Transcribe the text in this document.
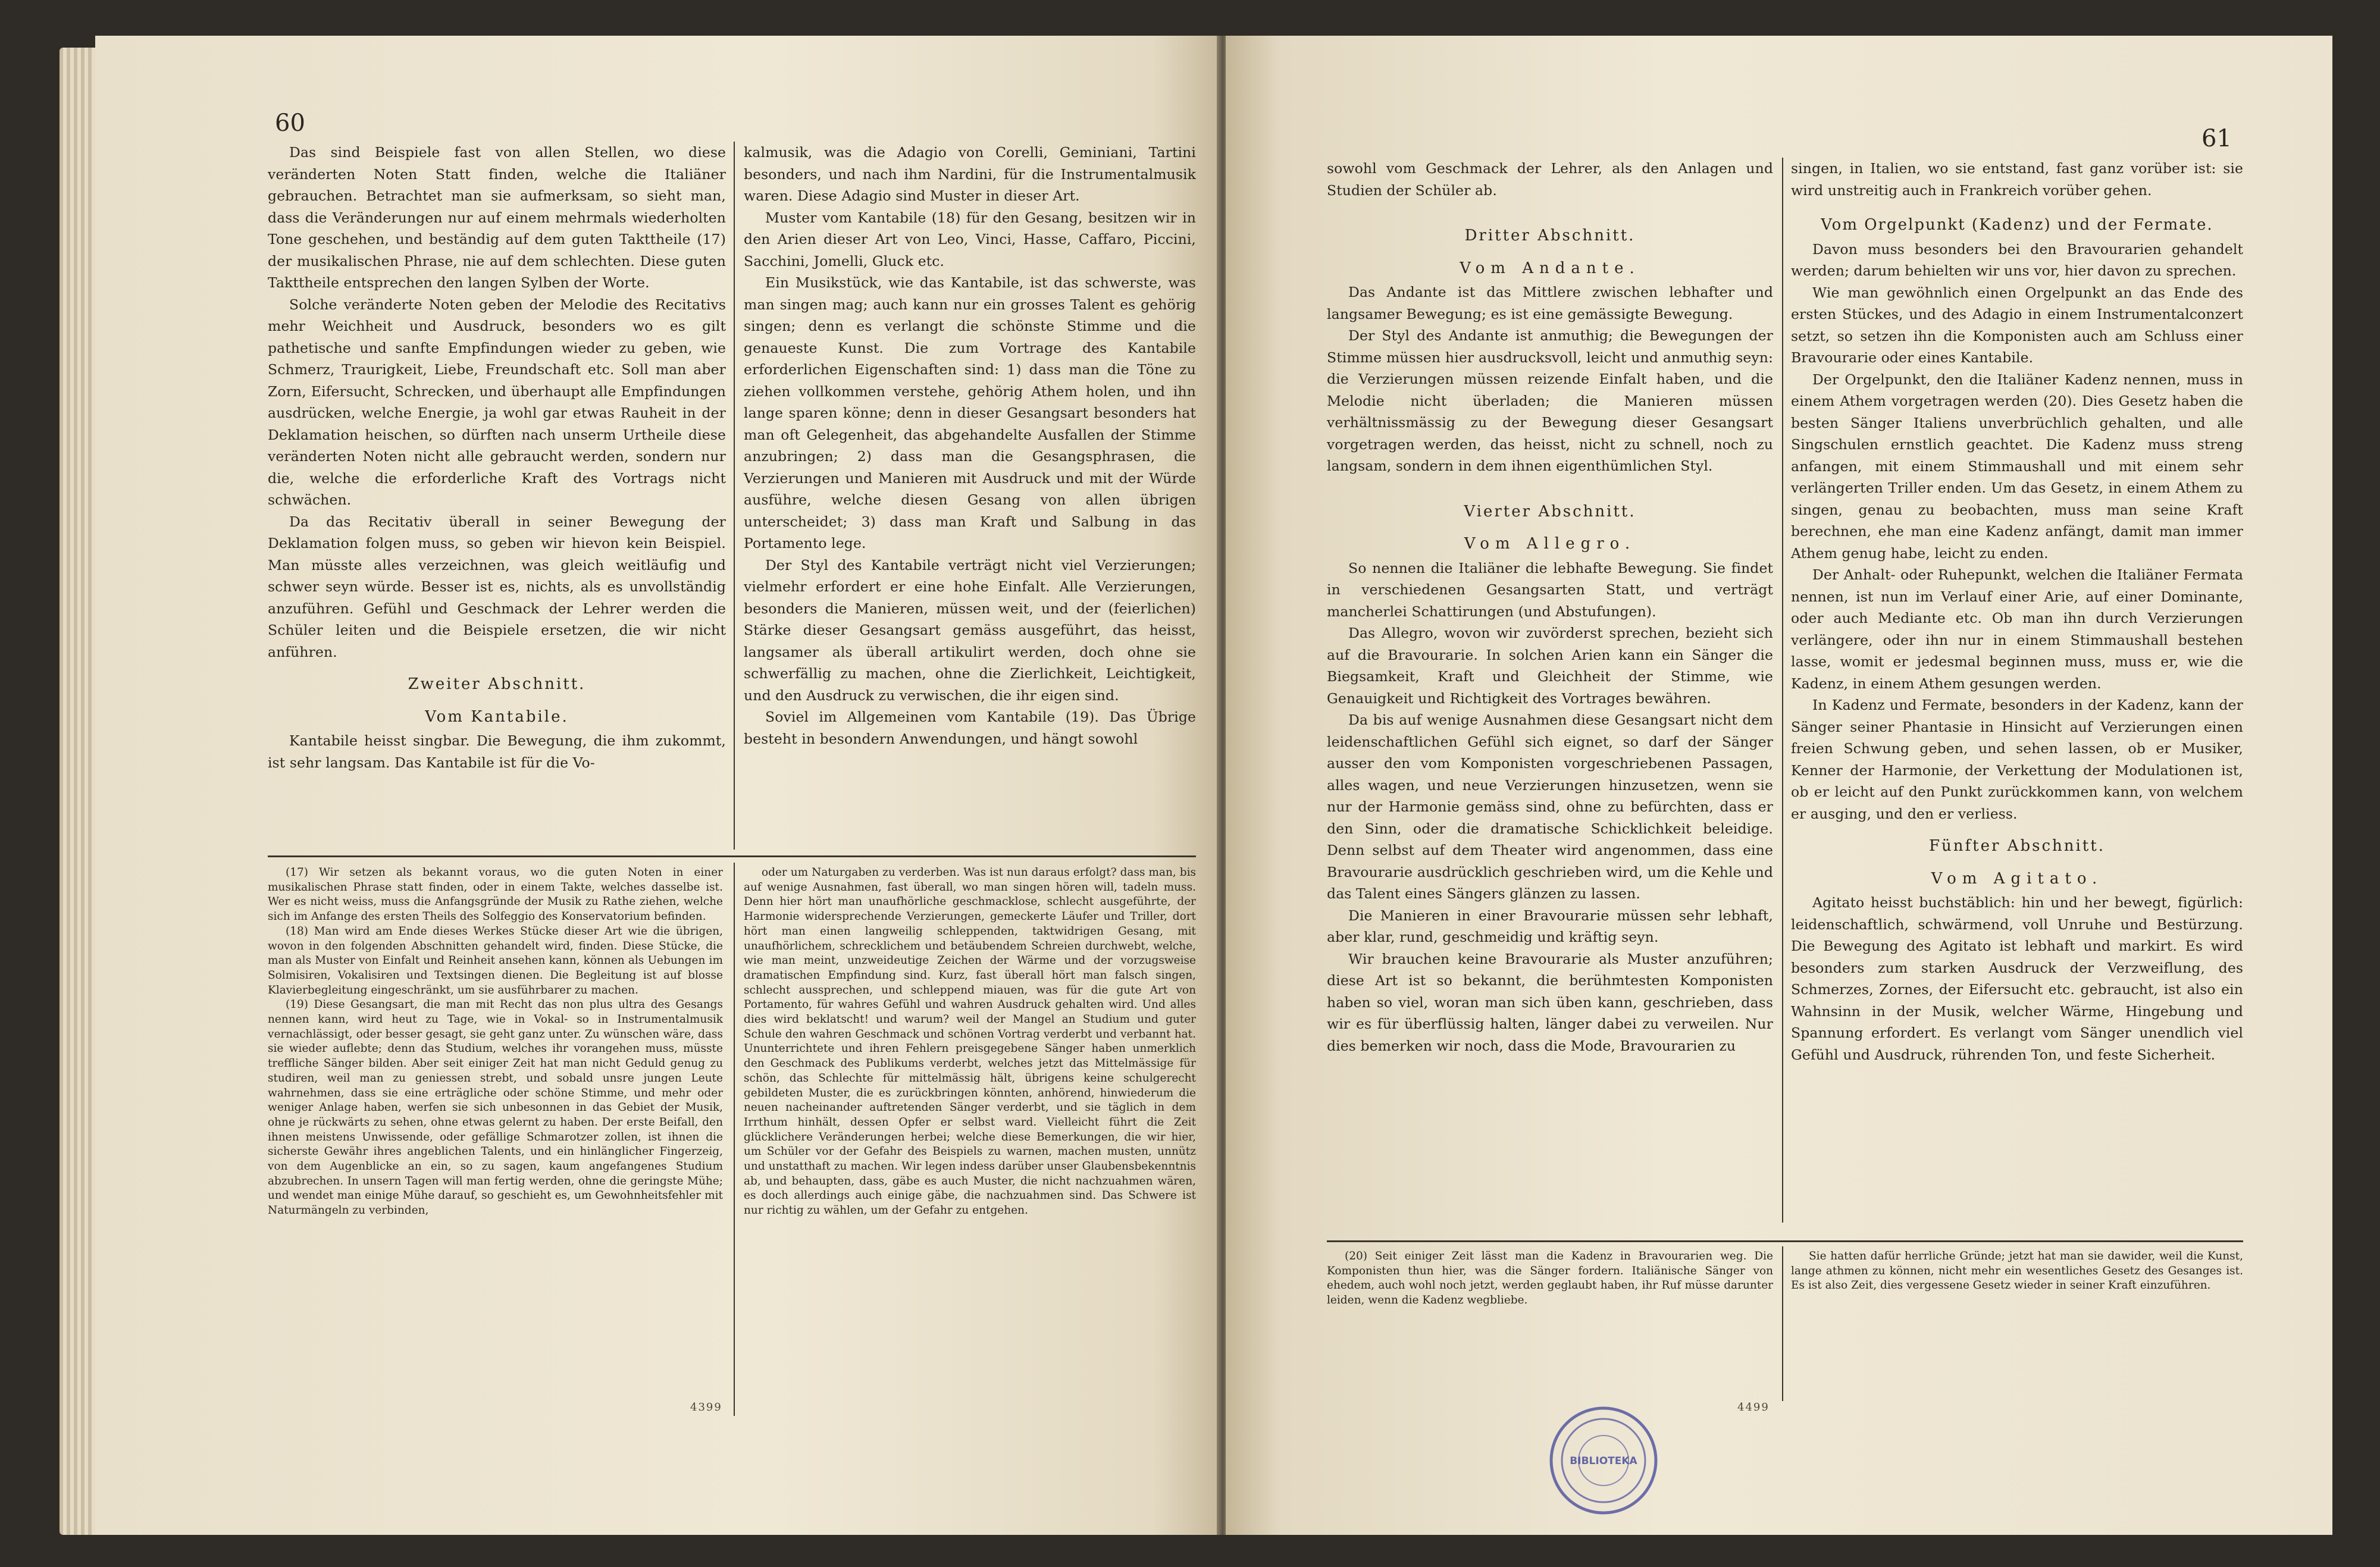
60

Das sind Beispiele fast von allen Stellen, wo diese veränderten Noten Statt finden, welche die Italiäner gebrauchen. Betrachtet man sie aufmerksam, so sieht man, dass die Veränderungen nur auf einem mehrmals wiederholten Tone geschehen, und beständig auf dem guten Takttheile (17) der musikalischen Phrase, nie auf dem schlechten. Diese guten Takttheile entsprechen den langen Sylben der Worte.

Solche veränderte Noten geben der Melodie des Recitativs mehr Weichheit und Ausdruck, besonders wo es gilt pathetische und sanfte Empfindungen wieder zu geben, wie Schmerz, Traurigkeit, Liebe, Freundschaft etc. Soll man aber Zorn, Eifersucht, Schrecken, und überhaupt alle Empfindungen ausdrücken, welche Energie, ja wohl gar etwas Rauheit in der Deklamation heischen, so dürften nach unserm Urtheile diese veränderten Noten nicht alle gebraucht werden, sondern nur die, welche die erforderliche Kraft des Vortrags nicht schwächen.

Da das Recitativ überall in seiner Bewegung der Deklamation folgen muss, so geben wir hievon kein Beispiel. Man müsste alles verzeichnen, was gleich weitläufig und schwer seyn würde. Besser ist es, nichts, als es unvollständig anzuführen. Gefühl und Geschmack der Lehrer werden die Schüler leiten und die Beispiele ersetzen, die wir nicht anführen.

Zweiter Abschnitt.
Vom Kantabile.

Kantabile heisst singbar. Die Bewegung, die ihm zukommt, ist sehr langsam. Das Kantabile ist für die Vo-

kalmusik, was die Adagio von Corelli, Geminiani, Tartini besonders, und nach ihm Nardini, für die Instrumentalmusik waren. Diese Adagio sind Muster in dieser Art.

Muster vom Kantabile (18) für den Gesang, besitzen wir in den Arien dieser Art von Leo, Vinci, Hasse, Caffaro, Piccini, Sacchini, Jomelli, Gluck etc.

Ein Musikstück, wie das Kantabile, ist das schwerste, was man singen mag; auch kann nur ein grosses Talent es gehörig singen; denn es verlangt die schönste Stimme und die genaueste Kunst. Die zum Vortrage des Kantabile erforderlichen Eigenschaften sind: 1) dass man die Töne zu ziehen vollkommen verstehe, gehörig Athem holen, und ihn lange sparen könne; denn in dieser Gesangsart besonders hat man oft Gelegenheit, das abgehandelte Ausfallen der Stimme anzubringen; 2) dass man die Gesangsphrasen, die Verzierungen und Manieren mit Ausdruck und mit der Würde ausführe, welche diesen Gesang von allen übrigen unterscheidet; 3) dass man Kraft und Salbung in das Portamento lege.

Der Styl des Kantabile verträgt nicht viel Verzierungen; vielmehr erfordert er eine hohe Einfalt. Alle Verzierungen, besonders die Manieren, müssen weit, und der (feierlichen) Stärke dieser Gesangsart gemäss ausgeführt, das heisst, langsamer als überall artikulirt werden, doch ohne sie schwerfällig zu machen, ohne die Zierlichkeit, Leichtigkeit, und den Ausdruck zu verwischen, die ihr eigen sind.

Soviel im Allgemeinen vom Kantabile (19). Das Übrige besteht in besondern Anwendungen, und hängt sowohl

(17) Wir setzen als bekannt voraus, wo die guten Noten in einer musikalischen Phrase statt finden, oder in einem Takte, welches dasselbe ist. Wer es nicht weiss, muss die Anfangsgründe der Musik zu Rathe ziehen, welche sich im Anfange des ersten Theils des Solfeggio des Konservatorium befinden.

(18) Man wird am Ende dieses Werkes Stücke dieser Art wie die übrigen, wovon in den folgenden Abschnitten gehandelt wird, finden. Diese Stücke, die man als Muster von Einfalt und Reinheit ansehen kann, können als Uebungen im Solmisiren, Vokalisiren und Textsingen dienen. Die Begleitung ist auf blosse Klavierbegleitung eingeschränkt, um sie ausführbarer zu machen.

(19) Diese Gesangsart, die man mit Recht das non plus ultra des Gesangs nennen kann, wird heut zu Tage, wie in Vokal- so in Instrumentalmusik vernachlässigt, oder besser gesagt, sie geht ganz unter. Zu wünschen wäre, dass sie wieder auflebte; denn das Studium, welches ihr vorangehen muss, müsste treffliche Sänger bilden. Aber seit einiger Zeit hat man nicht Geduld genug zu studiren, weil man zu geniessen strebt, und sobald unsre jungen Leute wahrnehmen, dass sie eine erträgliche oder schöne Stimme, und mehr oder weniger Anlage haben, werfen sie sich unbesonnen in das Gebiet der Musik, ohne je rückwärts zu sehen, ohne etwas gelernt zu haben. Der erste Beifall, den ihnen meistens Unwissende, oder gefällige Schmarotzer zollen, ist ihnen die sicherste Gewähr ihres angeblichen Talents, und ein hinlänglicher Fingerzeig, von dem Augenblicke an ein, so zu sagen, kaum angefangenes Studium abzubrechen. In unsern Tagen will man fertig werden, ohne die geringste Mühe; und wendet man einige Mühe darauf, so geschieht es, um Gewohnheitsfehler mit Naturmängeln zu verbinden,

oder um Naturgaben zu verderben. Was ist nun daraus erfolgt? dass man, bis auf wenige Ausnahmen, fast überall, wo man singen hören will, tadeln muss. Denn hier hört man unaufhörliche geschmacklose, schlecht ausgeführte, der Harmonie widersprechende Verzierungen, gemeckerte Läufer und Triller, dort hört man einen langweilig schleppenden, taktwidrigen Gesang, mit unaufhörlichem, schrecklichem und betäubendem Schreien durchwebt, welche, wie man meint, unzweideutige Zeichen der Wärme und der vorzugsweise dramatischen Empfindung sind. Kurz, fast überall hört man falsch singen, schlecht aussprechen, und schleppend miauen, was für die gute Art von Portamento, für wahres Gefühl und wahren Ausdruck gehalten wird. Und alles dies wird beklatscht! und warum? weil der Mangel an Studium und guter Schule den wahren Geschmack und schönen Vortrag verderbt und verbannt hat. Ununterrichtete und ihren Fehlern preisgegebene Sänger haben unmerklich den Geschmack des Publikums verderbt, welches jetzt das Mittelmässige für schön, das Schlechte für mittelmässig hält, übrigens keine schulgerecht gebildeten Muster, die es zurückbringen könnten, anhörend, hinwiederum die neuen nacheinander auftretenden Sänger verderbt, und sie täglich in dem Irrthum hinhält, dessen Opfer er selbst ward. Vielleicht führt die Zeit glücklichere Veränderungen herbei; welche diese Bemerkungen, die wir hier, um Schüler vor der Gefahr des Beispiels zu warnen, machen musten, unnütz und unstatthaft zu machen. Wir legen indess darüber unser Glaubensbekenntnis ab, und behaupten, dass, gäbe es auch Muster, die nicht nachzuahmen wären, es doch allerdings auch einige gäbe, die nachzuahmen sind. Das Schwere ist nur richtig zu wählen, um der Gefahr zu entgehen.

4399
61

sowohl vom Geschmack der Lehrer, als den Anlagen und Studien der Schüler ab.

Dritter Abschnitt.
Vom Andante.

Das Andante ist das Mittlere zwischen lebhafter und langsamer Bewegung; es ist eine gemässigte Bewegung.

Der Styl des Andante ist anmuthig; die Bewegungen der Stimme müssen hier ausdrucksvoll, leicht und anmuthig seyn: die Verzierungen müssen reizende Einfalt haben, und die Melodie nicht überladen; die Manieren müssen verhältnissmässig zu der Bewegung dieser Gesangsart vorgetragen werden, das heisst, nicht zu schnell, noch zu langsam, sondern in dem ihnen eigenthümlichen Styl.

Vierter Abschnitt.
Vom Allegro.

So nennen die Italiäner die lebhafte Bewegung. Sie findet in verschiedenen Gesangsarten Statt, und verträgt mancherlei Schattirungen (und Abstufungen).

Das Allegro, wovon wir zuvörderst sprechen, bezieht sich auf die Bravourarie. In solchen Arien kann ein Sänger die Biegsamkeit, Kraft und Gleichheit der Stimme, wie Genauigkeit und Richtigkeit des Vortrages bewähren.

Da bis auf wenige Ausnahmen diese Gesangsart nicht dem leidenschaftlichen Gefühl sich eignet, so darf der Sänger ausser den vom Komponisten vorgeschriebenen Passagen, alles wagen, und neue Verzierungen hinzusetzen, wenn sie nur der Harmonie gemäss sind, ohne zu befürchten, dass er den Sinn, oder die dramatische Schicklichkeit beleidige. Denn selbst auf dem Theater wird angenommen, dass eine Bravourarie ausdrücklich geschrieben wird, um die Kehle und das Talent eines Sängers glänzen zu lassen.

Die Manieren in einer Bravourarie müssen sehr lebhaft, aber klar, rund, geschmeidig und kräftig seyn.

Wir brauchen keine Bravourarie als Muster anzuführen; diese Art ist so bekannt, die berühmtesten Komponisten haben so viel, woran man sich üben kann, geschrieben, dass wir es für überflüssig halten, länger dabei zu verweilen. Nur dies bemerken wir noch, dass die Mode, Bravourarien zu

singen, in Italien, wo sie entstand, fast ganz vorüber ist: sie wird unstreitig auch in Frankreich vorüber gehen.

Vom Orgelpunkt (Kadenz) und der Fermate.

Davon muss besonders bei den Bravourarien gehandelt werden; darum behielten wir uns vor, hier davon zu sprechen.

Wie man gewöhnlich einen Orgelpunkt an das Ende des ersten Stückes, und des Adagio in einem Instrumentalconzert setzt, so setzen ihn die Komponisten auch am Schluss einer Bravourarie oder eines Kantabile.

Der Orgelpunkt, den die Italiäner Kadenz nennen, muss in einem Athem vorgetragen werden (20). Dies Gesetz haben die besten Sänger Italiens unverbrüchlich gehalten, und alle Singschulen ernstlich geachtet. Die Kadenz muss streng anfangen, mit einem Stimmaushall und mit einem sehr verlängerten Triller enden. Um das Gesetz, in einem Athem zu singen, genau zu beobachten, muss man seine Kraft berechnen, ehe man eine Kadenz anfängt, damit man immer Athem genug habe, leicht zu enden.

Der Anhalt- oder Ruhepunkt, welchen die Italiäner Fermata nennen, ist nun im Verlauf einer Arie, auf einer Dominante, oder auch Mediante etc. Ob man ihn durch Verzierungen verlängere, oder ihn nur in einem Stimmaushall bestehen lasse, womit er jedesmal beginnen muss, muss er, wie die Kadenz, in einem Athem gesungen werden.

In Kadenz und Fermate, besonders in der Kadenz, kann der Sänger seiner Phantasie in Hinsicht auf Verzierungen einen freien Schwung geben, und sehen lassen, ob er Musiker, Kenner der Harmonie, der Verkettung der Modulationen ist, ob er leicht auf den Punkt zurückkommen kann, von welchem er ausging, und den er verliess.

Fünfter Abschnitt.
Vom Agitato.

Agitato heisst buchstäblich: hin und her bewegt, figürlich: leidenschaftlich, schwärmend, voll Unruhe und Bestürzung. Die Bewegung des Agitato ist lebhaft und markirt. Es wird besonders zum starken Ausdruck der Verzweiflung, des Schmerzes, Zornes, der Eifersucht etc. gebraucht, ist also ein Wahnsinn in der Musik, welcher Wärme, Hingebung und Spannung erfordert. Es verlangt vom Sänger unendlich viel Gefühl und Ausdruck, rührenden Ton, und feste Sicherheit.

(20) Seit einiger Zeit lässt man die Kadenz in Bravourarien weg. Die Komponisten thun hier, was die Sänger fordern. Italiänische Sänger von ehedem, auch wohl noch jetzt, werden geglaubt haben, ihr Ruf müsse darunter leiden, wenn die Kadenz wegbliebe.

Sie hatten dafür herrliche Gründe; jetzt hat man sie dawider, weil die Kunst, lange athmen zu können, nicht mehr ein wesentliches Gesetz des Gesanges ist. Es ist also Zeit, dies vergessene Gesetz wieder in seiner Kraft einzuführen.

4499
BIBLIOTEKA
